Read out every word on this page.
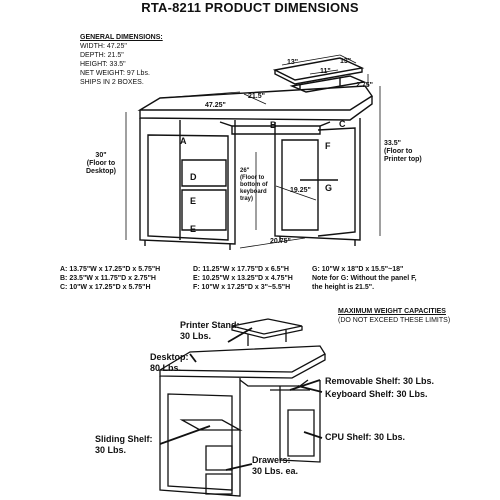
RTA-8211 PRODUCT DIMENSIONS
GENERAL DIMENSIONS:
WIDTH: 47.25"
DEPTH: 21.5"
HEIGHT: 33.5"
NET WEIGHT: 97 Lbs.
SHIPS IN 2 BOXES.
13"	13"
11"
2.75"
47.25"
21.5"
30"
(Floor to
Desktop)
33.5"
(Floor to
Printer top)
26"
(Floor to
bottom of
keyboard
tray)
19.25"
20.75"
A
B	C
D
E
E
F
G
A: 13.75"W x 17.25"D x 5.75"H
B: 23.5"W x 11.75"D x 2.75"H
C: 10"W x 17.25"D x 5.75"H
D: 11.25"W x 17.75"D x 6.5"H
E: 10.25"W x 13.25"D x 4.75"H
F: 10"W x 17.25"D x 3"~5.5"H
G: 10"W x 18"D x 15.5"~18"
Note for G: Without the panel F,
the height is 21.5".
MAXIMUM WEIGHT CAPACITIES
(DO NOT EXCEED THESE LIMITS)
Printer Stand:
30 Lbs.
Desktop:
80 Lbs.
Removable Shelf: 30 Lbs.
Keyboard Shelf: 30 Lbs.
Sliding Shelf:
30 Lbs.
CPU Shelf: 30 Lbs.
Drawers:
30 Lbs. ea.
